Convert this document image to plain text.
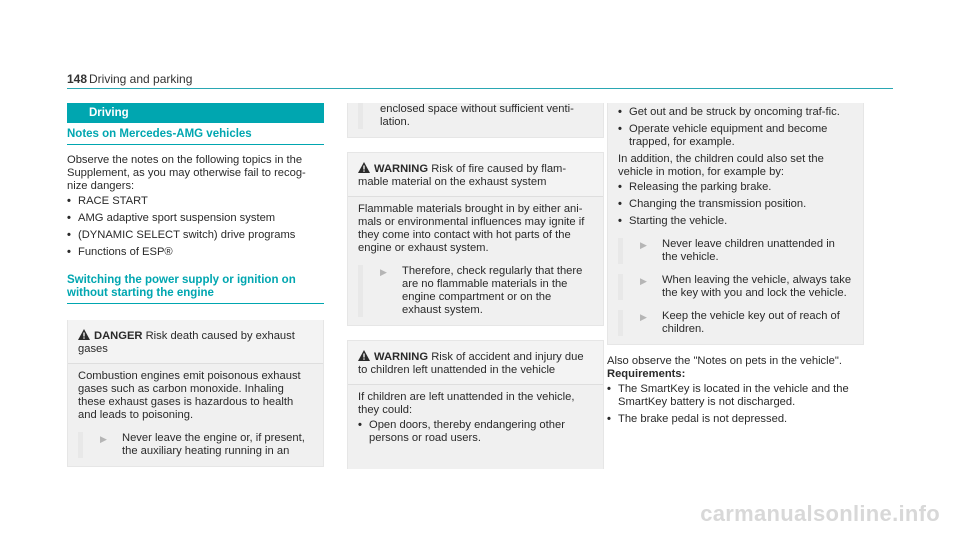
148 Driving and parking
Driving
Notes on Mercedes-AMG vehicles

Observe the notes on the following topics in the Supplement, as you may otherwise fail to recog-nize dangers:

• RACE START
• AMG adaptive sport suspension system
• (DYNAMIC SELECT switch) drive programs
• Functions of ESP®
Switching the power supply or ignition on
without starting the engine
DANGER Risk death caused by exhaust gases
Combustion engines emit poisonous exhaust gases such as carbon monoxide. Inhaling these exhaust gases is hazardous to health and leads to poisoning.
▶ Never leave the engine or, if present, the auxiliary heating running in an
enclosed space without sufficient venti-lation.
WARNING Risk of fire caused by flam-mable material on the exhaust system
Flammable materials brought in by either ani-mals or environmental influences may ignite if they come into contact with hot parts of the engine or exhaust system.
▶ Therefore, check regularly that there are no flammable materials in the engine compartment or on the exhaust system.
WARNING Risk of accident and injury due to children left unattended in the vehicle
If children are left unattended in the vehicle, they could:
• Open doors, thereby endangering other persons or road users.
• Get out and be struck by oncoming traf-fic.
• Operate vehicle equipment and become trapped, for example.
In addition, the children could also set the vehicle in motion, for example by:
• Releasing the parking brake.
• Changing the transmission position.
• Starting the vehicle.
▶ Never leave children unattended in the vehicle.
▶ When leaving the vehicle, always take the key with you and lock the vehicle.
▶ Keep the vehicle key out of reach of children.

Also observe the "Notes on pets in the vehicle".

Requirements:

• The SmartKey is located in the vehicle and the SmartKey battery is not discharged.
• The brake pedal is not depressed.
carmanualsonline.info
